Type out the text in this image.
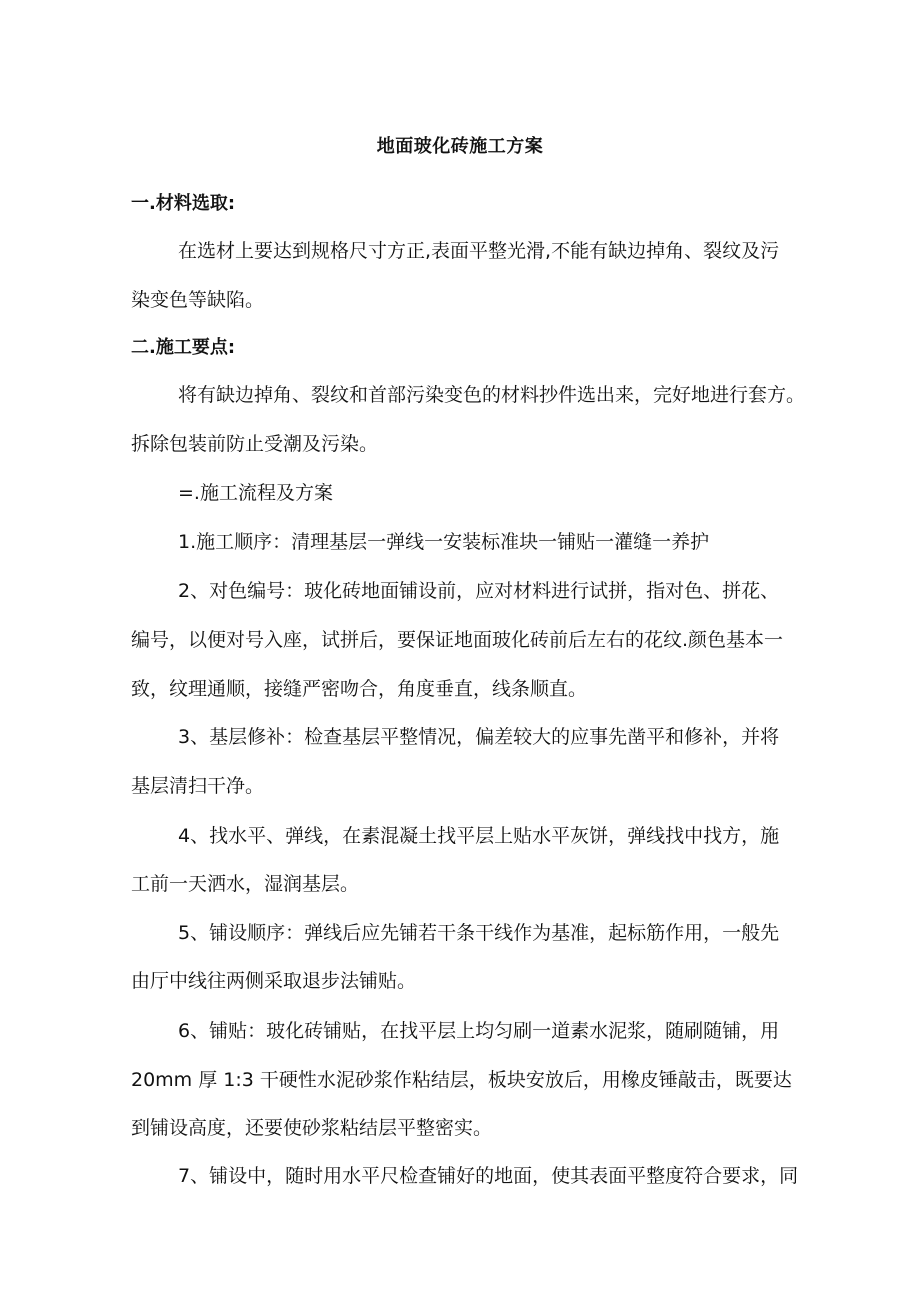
地面玻化砖施工方案
一.材料选取:
在选材上要达到规格尺寸方正,表面平整光滑,不能有缺边掉角、裂纹及污
染变色等缺陷。
二.施工要点:
将有缺边掉角、裂纹和首部污染变色的材料抄件选出来，完好地进行套方。
拆除包装前防止受潮及污染。
=.施工流程及方案
1.施工顺序：清理基层一弹线一安装标准块一铺贴一灌缝一养护
2、对色编号：玻化砖地面铺设前，应对材料进行试拼，指对色、拼花、
编号，以便对号入座，试拼后，要保证地面玻化砖前后左右的花纹.颜色基本一
致，纹理通顺，接缝严密吻合，角度垂直，线条顺直。
3、基层修补：检查基层平整情况，偏差较大的应事先凿平和修补，并将
基层清扫干净。
4、找水平、弹线，在素混凝土找平层上贴水平灰饼，弹线找中找方，施
工前一天洒水，湿润基层。
5、铺设顺序：弹线后应先铺若干条干线作为基准，起标筋作用，一般先
由厅中线往两侧采取退步法铺贴。
6、铺贴：玻化砖铺贴，在找平层上均匀刷一道素水泥浆，随刷随铺，用
20mm 厚 1:3 干硬性水泥砂浆作粘结层，板块安放后，用橡皮锤敲击，既要达
到铺设高度，还要使砂浆粘结层平整密实。
7、铺设中，随时用水平尺检查铺好的地面，使其表面平整度符合要求，同
